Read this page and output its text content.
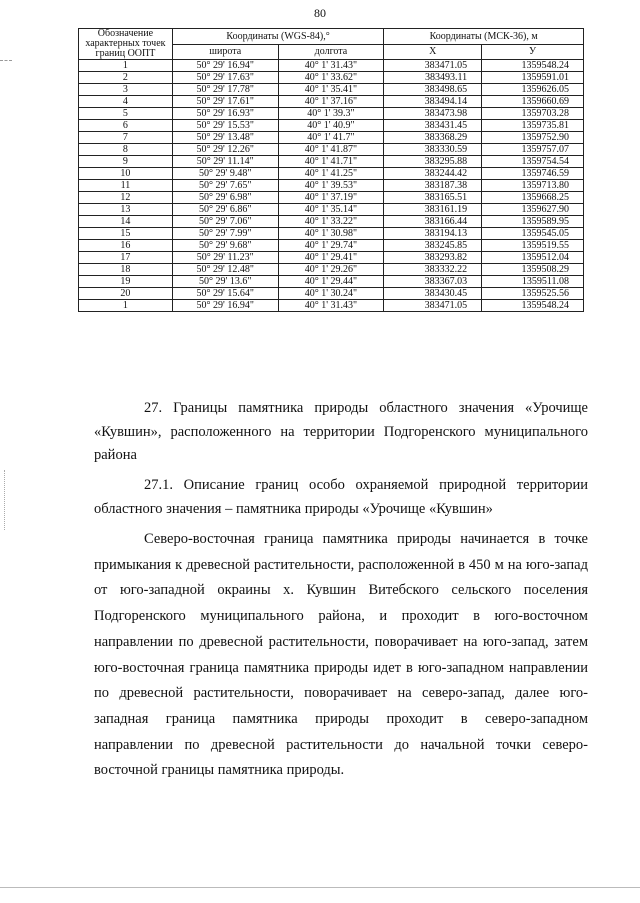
80
Обозначение характерных точек границ ООПТ	Координаты (WGS-84),°		Координаты (МСК-36), м	
	широта	долгота	X	У

1	50° 29' 16.94"	40° 1' 31.43"	383471.05	1359548.24
2	50° 29' 17.63"	40° 1' 33.62"	383493.11	1359591.01
3	50° 29' 17.78"	40° 1' 35.41"	383498.65	1359626.05
4	50° 29' 17.61"	40° 1' 37.16"	383494.14	1359660.69
5	50° 29' 16.93"	40° 1' 39.3"	383473.98	1359703.28
6	50° 29' 15.53"	40° 1' 40.9"	383431.45	1359735.81
7	50° 29' 13.48"	40° 1' 41.7"	383368.29	1359752.90
8	50° 29' 12.26"	40° 1' 41.87"	383330.59	1359757.07
9	50° 29' 11.14"	40° 1' 41.71"	383295.88	1359754.54
10	50° 29' 9.48"	40° 1' 41.25"	383244.42	1359746.59
11	50° 29' 7.65"	40° 1' 39.53"	383187.38	1359713.80
12	50° 29' 6.98"	40° 1' 37.19"	383165.51	1359668.25
13	50° 29' 6.86"	40° 1' 35.14"	383161.19	1359627.90
14	50° 29' 7.06"	40° 1' 33.22"	383166.44	1359589.95
15	50° 29' 7.99"	40° 1' 30.98"	383194.13	1359545.05
16	50° 29' 9.68"	40° 1' 29.74"	383245.85	1359519.55
17	50° 29' 11.23"	40° 1' 29.41"	383293.82	1359512.04
18	50° 29' 12.48"	40° 1' 29.26"	383332.22	1359508.29
19	50° 29' 13.6"	40° 1' 29.44"	383367.03	1359511.08
20	50° 29' 15.64"	40° 1' 30.24"	383430.45	1359525.56
1	50° 29' 16.94"	40° 1' 31.43"	383471.05	1359548.24
27. Границы памятника природы областного значения «Урочище «Кувшин», расположенного на территории Подгоренского муниципального района
27.1. Описание границ особо охраняемой природной территории областного значения – памятника природы «Урочище «Кувшин»
Северо-восточная граница памятника природы начинается в точке примыкания к древесной растительности, расположенной в 450 м на юго-запад от юго-западной окраины х. Кувшин Витебского сельского поселения Подгоренского муниципального района, и проходит в юго-восточном направлении по древесной растительности, поворачивает на юго-запад, затем юго-восточная граница памятника природы идет в юго-западном направлении по древесной растительности, поворачивает на северо-запад, далее юго-западная граница памятника природы проходит в северо-западном направлении по древесной растительности до начальной точки северо-восточной границы памятника природы.
